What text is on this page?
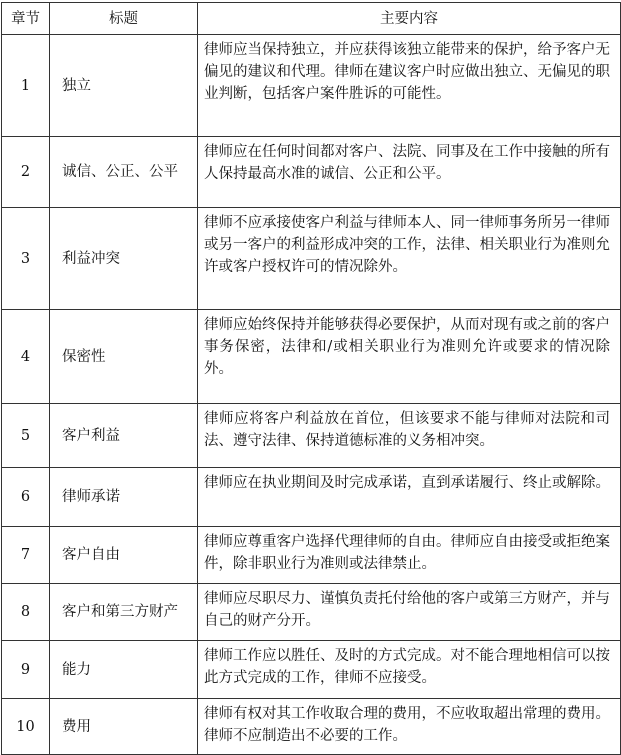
章节	标题	主要内容
1	独立	律师应当保持独立，并应获得该独立能带来的保护，给予客户无偏见的建议和代理。律师在建议客户时应做出独立、无偏见的职业判断，包括客户案件胜诉的可能性。
2	诚信、公正、公平	律师应在任何时间都对客户、法院、同事及在工作中接触的所有人保持最高水准的诚信、公正和公平。
3	利益冲突	律师不应承接使客户利益与律师本人、同一律师事务所另一律师或另一客户的利益形成冲突的工作，法律、相关职业行为准则允许或客户授权许可的情况除外。
4	保密性	律师应始终保持并能够获得必要保护，从而对现有或之前的客户事务保密，法律和/或相关职业行为准则允许或要求的情况除外。
5	客户利益	律师应将客户利益放在首位，但该要求不能与律师对法院和司法、遵守法律、保持道德标准的义务相冲突。
6	律师承诺	律师应在执业期间及时完成承诺，直到承诺履行、终止或解除。
7	客户自由	律师应尊重客户选择代理律师的自由。律师应自由接受或拒绝案件，除非职业行为准则或法律禁止。
8	客户和第三方财产	律师应尽职尽力、谨慎负责托付给他的客户或第三方财产，并与自己的财产分开。
9	能力	律师工作应以胜任、及时的方式完成。对不能合理地相信可以按此方式完成的工作，律师不应接受。
10	费用	律师有权对其工作收取合理的费用，不应收取超出常理的费用。律师不应制造出不必要的工作。
